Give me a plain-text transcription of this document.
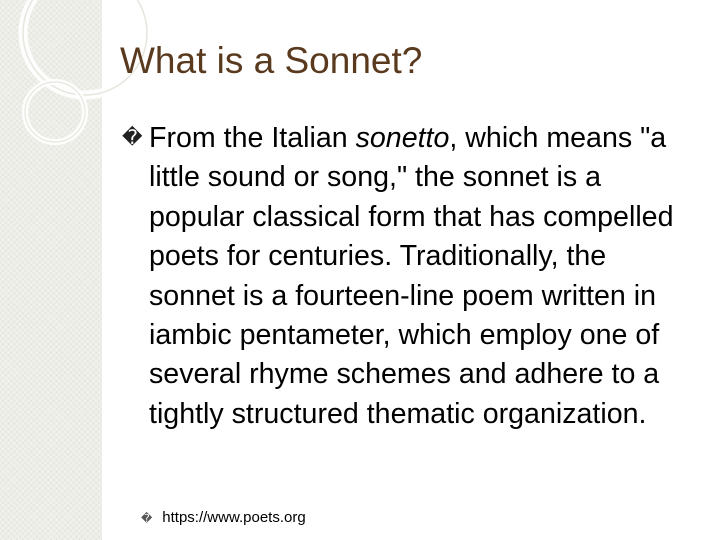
What is a Sonnet?
� From the Italian sonetto, which means "a little sound or song," the sonnet is a popular classical form that has compelled poets for centuries. Traditionally, the sonnet is a fourteen-line poem written in iambic pentameter, which employ one of several rhyme schemes and adhere to a tightly structured thematic organization.
� https://www.poets.org
